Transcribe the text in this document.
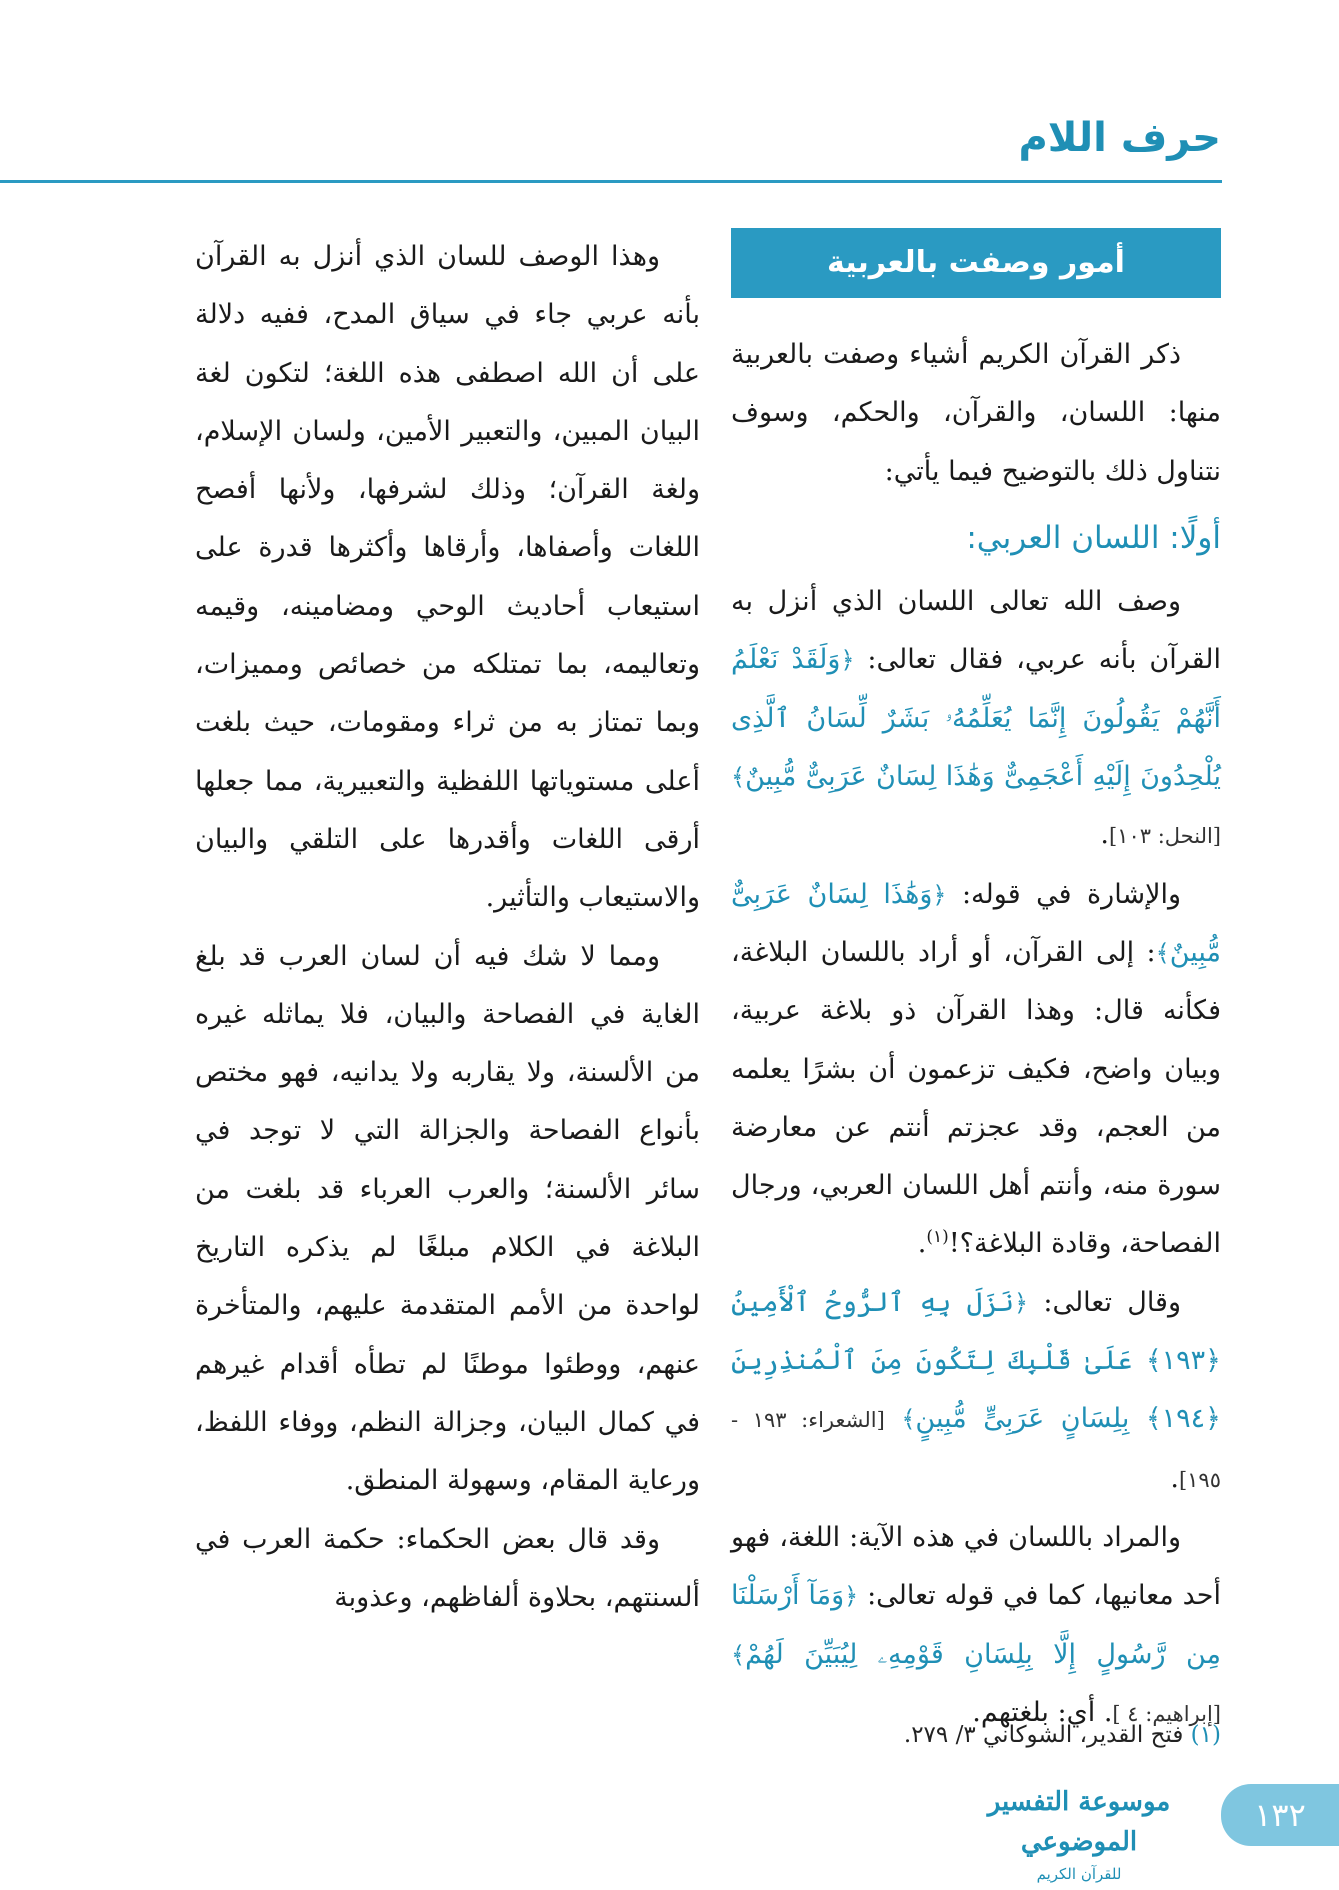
حرف اللام
أمور وصفت بالعربية

ذكر القرآن الكريم أشياء وصفت بالعربية منها: اللسان، والقرآن، والحكم، وسوف نتناول ذلك بالتوضيح فيما يأتي:

أولًا: اللسان العربي:

وصف الله تعالى اللسان الذي أنزل به القرآن بأنه عربي، فقال تعالى: ﴿وَلَقَدْ نَعْلَمُ أَنَّهُمْ يَقُولُونَ إِنَّمَا يُعَلِّمُهُۥ بَشَرٌ لِّسَانُ ٱلَّذِى يُلْحِدُونَ إِلَيْهِ أَعْجَمِىٌّ وَهَٰذَا لِسَانٌ عَرَبِىٌّ مُّبِينٌ﴾ [النحل: ١٠٣].

والإشارة في قوله: ﴿وَهَٰذَا لِسَانٌ عَرَبِىٌّ مُّبِينٌ﴾: إلى القرآن، أو أراد باللسان البلاغة، فكأنه قال: وهذا القرآن ذو بلاغة عربية، وبيان واضح، فكيف تزعمون أن بشرًا يعلمه من العجم، وقد عجزتم أنتم عن معارضة سورة منه، وأنتم أهل اللسان العربي، ورجال الفصاحة، وقادة البلاغة؟!$^{(١)}$.

وقال تعالى: ﴿نَزَلَ بِهِ ٱلرُّوحُ ٱلْأَمِينُ ﴿١٩٣﴾ عَلَىٰ قَلْبِكَ لِتَكُونَ مِنَ ٱلْمُنذِرِينَ ﴿١٩٤﴾ بِلِسَانٍ عَرَبِىٍّ مُّبِينٍ﴾ [الشعراء: ١٩٣ - ١٩٥].

والمراد باللسان في هذه الآية: اللغة، فهو أحد معانيها، كما في قوله تعالى: ﴿وَمَآ أَرْسَلْنَا مِن رَّسُولٍ إِلَّا بِلِسَانِ قَوْمِهِۦ لِيُبَيِّنَ لَهُمْ﴾[إبراهيم: ٤ ]. أي: بلغتهم.

وهذا الوصف للسان الذي أنزل به القرآن بأنه عربي جاء في سياق المدح، ففيه دلالة على أن الله اصطفى هذه اللغة؛ لتكون لغة البيان المبين، والتعبير الأمين، ولسان الإسلام، ولغة القرآن؛ وذلك لشرفها، ولأنها أفصح اللغات وأصفاها، وأرقاها وأكثرها قدرة على استيعاب أحاديث الوحي ومضامينه، وقيمه وتعاليمه، بما تمتلكه من خصائص ومميزات، وبما تمتاز به من ثراء ومقومات، حيث بلغت أعلى مستوياتها اللفظية والتعبيرية، مما جعلها أرقى اللغات وأقدرها على التلقي والبيان والاستيعاب والتأثير.

ومما لا شك فيه أن لسان العرب قد بلغ الغاية في الفصاحة والبيان، فلا يماثله غيره من الألسنة، ولا يقاربه ولا يدانيه، فهو مختص بأنواع الفصاحة والجزالة التي لا توجد في سائر الألسنة؛ والعرب العرباء قد بلغت من البلاغة في الكلام مبلغًا لم يذكره التاريخ لواحدة من الأمم المتقدمة عليهم، والمتأخرة عنهم، ووطئوا موطنًا لم تطأه أقدام غيرهم في كمال البيان، وجزالة النظم، ووفاء اللفظ، ورعاية المقام، وسهولة المنطق.

وقد قال بعض الحكماء: حكمة العرب في ألسنتهم، بحلاوة ألفاظهم، وعذوبة

(١) فتح القدير، الشوكاني ٣/ ٢٧٩.
موسوعة التفسير الموضوعي
للقرآن الكريم
١٣٢
